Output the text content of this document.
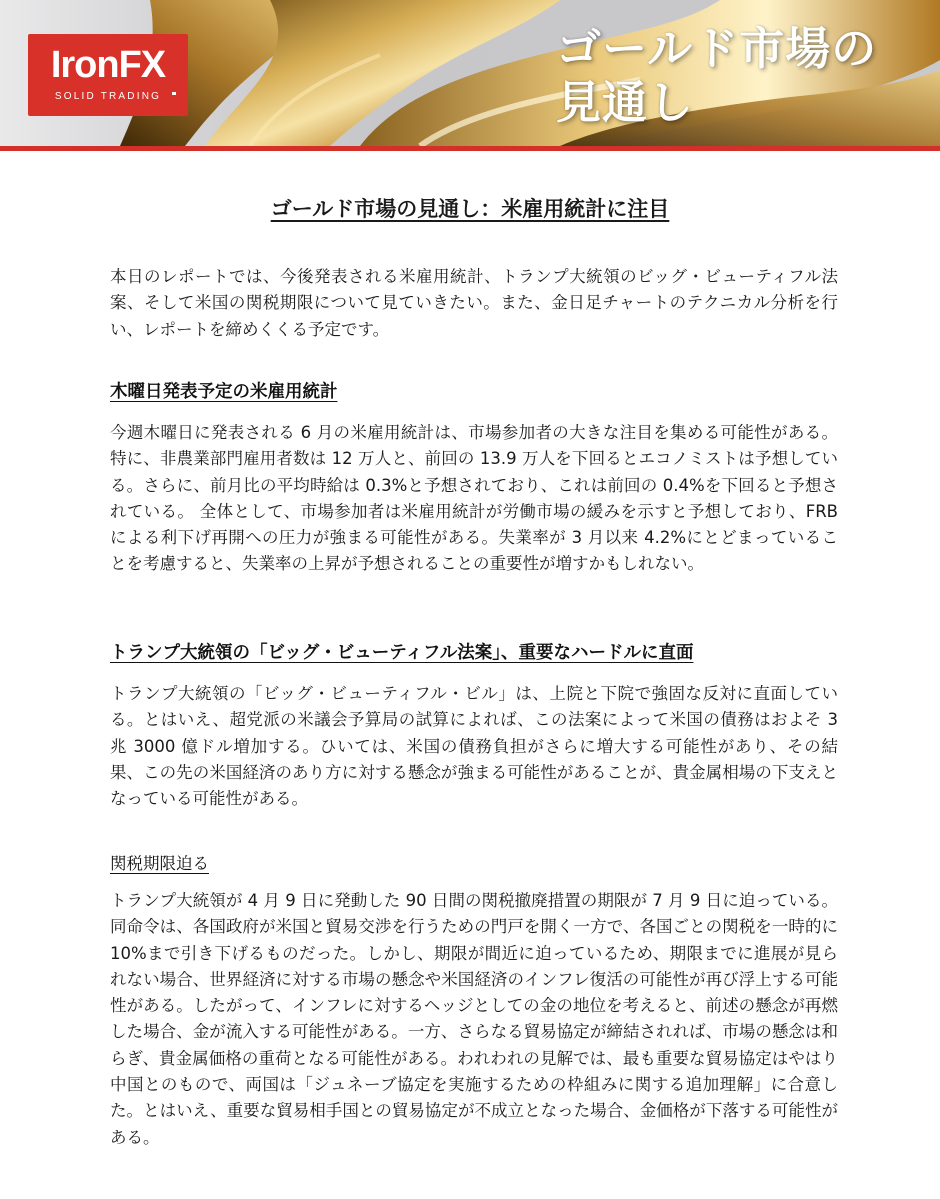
IronFX
SOLID TRADING
ゴールド市場の見通し
ゴールド市場の見通し：米雇用統計に注目

本日のレポートでは、今後発表される米雇用統計、トランプ大統領のビッグ・ビューティフル法案、そして米国の関税期限について見ていきたい。また、金日足チャートのテクニカル分析を行い、レポートを締めくくる予定です。

木曜日発表予定の米雇用統計

今週木曜日に発表される 6 月の米雇用統計は、市場参加者の大きな注目を集める可能性がある。特に、非農業部門雇用者数は 12 万人と、前回の 13.9 万人を下回るとエコノミストは予想している。さらに、前月比の平均時給は 0.3%と予想されており、これは前回の 0.4%を下回ると予想されている。 全体として、市場参加者は米雇用統計が労働市場の緩みを示すと予想しており、FRB による利下げ再開への圧力が強まる可能性がある。失業率が 3 月以来 4.2%にとどまっていることを考慮すると、失業率の上昇が予想されることの重要性が増すかもしれない。

トランプ大統領の「ビッグ・ビューティフル法案」、重要なハードルに直面

トランプ大統領の「ビッグ・ビューティフル・ビル」は、上院と下院で強固な反対に直面している。とはいえ、超党派の米議会予算局の試算によれば、この法案によって米国の債務はおよそ 3 兆 3000 億ドル増加する。ひいては、米国の債務負担がさらに増大する可能性があり、その結果、この先の米国経済のあり方に対する懸念が強まる可能性があることが、貴金属相場の下支えとなっている可能性がある。

関税期限迫る

トランプ大統領が 4 月 9 日に発動した 90 日間の関税撤廃措置の期限が 7 月 9 日に迫っている。同命令は、各国政府が米国と貿易交渉を行うための門戸を開く一方で、各国ごとの関税を一時的に 10%まで引き下げるものだった。しかし、期限が間近に迫っているため、期限までに進展が見られない場合、世界経済に対する市場の懸念や米国経済のインフレ復活の可能性が再び浮上する可能性がある。したがって、インフレに対するヘッジとしての金の地位を考えると、前述の懸念が再燃した場合、金が流入する可能性がある。一方、さらなる貿易協定が締結されれば、市場の懸念は和らぎ、貴金属価格の重荷となる可能性がある。われわれの見解では、最も重要な貿易協定はやはり中国とのもので、両国は「ジュネーブ協定を実施するための枠組みに関する追加理解」に合意した。とはいえ、重要な貿易相手国との貿易協定が不成立となった場合、金価格が下落する可能性がある。
